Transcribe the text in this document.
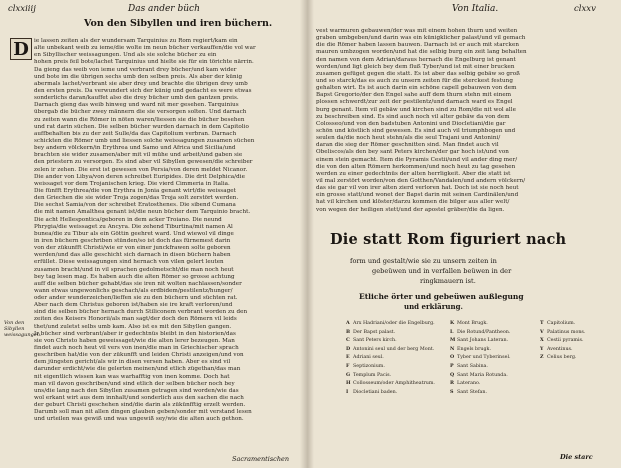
clxxiiij	Das ander büch
Von den Sibyllen und iren büchern.
D ie lassen zeiten als der wundersam Tarquinius zu Rom regiert/kam ein
alte unbekant weib zu ieme/die wolte im neun bücher verkauffen/die vol war
en Sibyllischer weissagungen. Und als sie solche bücher zu ein
hohen preis feil bote/lachet Tarquinius und hielte sie für ein törichte närrin.
Da gieng das weib von ieme und verbrant drey bücher/und kam wider
und bote im die übrigen sechs umb den selben preis. Als aber der künig
abermals lachet/verbrant sie aber drey und brachte die übrigen drey umb
den ersten preis. Da verwundert sich der künig und gedacht es were etwas
sonderlichs daran/kauffet also die drey bücher umb den gantzen preis.
Darnach gieng das weib hinweg und ward nit mer gesehen. Tarquinius
übergab die bücher zwey männern die sie versorgen solten. Und darnach
zu zeiten wann die Römer in nöten waren/liessen sie die bücher besehen
und rat darin süchen. Die selben bücher wurden darnach in dem Capitolio
auffbehalten bis zu der zeit Sulle/da das Capitolium verbran. Darnach
schickten die Römer umb und liessen solche weissagungen zusamen süchen
bey andern völckern/in Erythrea und Samo und Africa und Sicilia/und
brachten sie wider zusamen/aber mit vil mühe und arbeit/und gaben sie
den priestern zu versorgen. Es sind aber vil Sibyllen gewesen/die schreiber
zelen ir zehen. Die erst ist gewesen von Persia/von deren meldet Nicanor.
Die ander von Libya/von deren schreibet Euripides. Die drit Delphica/die
weissaget vor dem Trojanischen krieg. Die vierd Cimmeria in Italia.
Die fünfft Erythrea/die von Erythra in Jonia genant wirt/die weissaget
den Griechen die sie wider Troja zogen/das Troja solt zerstört werden.
Die sechst Samia/von der schreibet Eratosthenes. Die sibend Cumana
die mit namen Amalthea genant ist/die neun bücher dem Tarquinio bracht.
Die acht Hellespontica/geboren in dem acker Troiano. Die neund
Phrygia/die weissaget zu Ancyra. Die zehend Tiburtina/mit namen Al
bunea/die zu Tibur als ein Göttin geehret ward. Und wiewol vil dinge
in iren büchern geschriben stünden/so ist doch das fürnemest darin
von der zükunfft Christi/wie er von einer junckfrawen solte geboren
werden/und das alle geschicht sich darnach in disen büchern haben
erfüllet. Diese weissagungen sind hernach von vilen gelert leuten
zusamen bracht/und in vil sprachen gedolmetscht/die man noch heut
bey tag lesen mag. Es haben auch die alten Römer so grosse achtung
auff die selben bücher gehabt/das sie iren nit wolten nachlassen/sonder
wann etwas ungewonlichs geschach/als erdbidem/pestilentz/hunger/
oder ander wunderzeichen/lieffen sie zu den büchern und süchten rat.
Aber nach dem Christus geboren ist/haben sie ire kraft verloren/und
sind die selben bücher hernach durch Stiliconem verbrant worden zu den
zeiten des Keisers Honorii/als man sagt/der doch den Römern vil leids
thet/und zuletst selbs umb kam. Also ist es mit den Sibyllen gangen.
Ir bücher sind verbrant/aber ir gedechtnüs bleibt in den historien/das
sie von Christo haben geweissaget/wie die alten lerer bezeugen. Man
findet auch noch heut vil vers von inen/die man in Griechischer sprach
geschriben hat/die von der zükunfft und leiden Christi anzeigen/und von
dem jüngsten gericht/als wir in disen versen haben. Aber es sind vil
darunder erdicht/wie die gelerten meinen/und etlich zügethan/das man
nit eigentlich wissen kan was warhafftig von inen komme. Doch hat
man vil davon geschriben/und sind etlich der selben bücher noch bey
uns/die lang nach den Sibyllen zusamen getragen sind worden/wie das
wol erkant wirt aus dem innhalt/und sonderlich aus den sachen die nach
der geburt Christi geschehen sind/die darin als zükünfftig erzelt werden.
Darumb soll man nit allen dingen glauben geben/sonder mit verstand lesen
und urteilen was gewiß und was ungewiß sey/wie die alten auch gethon.
Von den Sibyllen weissagungen.
Sacramentischen
Von Italia.	clxxv
vest warmuren gebauwen/der was mit einem hohen thurn und weiten
graben umbgeben/und darin was ein künigklicher palast/und vil gemach
die die Römer haben lassen bauwen. Darnach ist er auch mit starcken
mauren umbzogen worden/und hat die selbig burg ein zeit lang behalten
den namen von dem Adrian/daraus hernach die Engelburg ist genant
worden/und ligt gleich bey dem fluß Tyber/und ist mit einer brucken
zusamen gefüget gegen die statt. Es ist aber das selbig gebäw so groß
und so starck/das es auch zu unsern zeiten für die sterckest festung
gehalten wirt. Es ist auch darin ein schöne capell gebauwen von dem
Bapst Gregorio/der den Engel sahe auff dem thurn stehn mit einem
plossen schwerdt/zur zeit der pestilentz/und darnach ward es Engel
burg genant. Item vil gebäw und kirchen sind zu Rom/die nit wol alle
zu beschreiben sind. Es sind auch noch vil alter gebäw da von dem
Colosseo/und von den badstuben Antonini und Diocletiani/die gar
schön und köstlich sind gewesen. Es sind auch vil triumphbogen und
seulen da/die noch heut stehn/als die seul Trajani und Antonini/
daran die sieg der Römer geschnitten sind. Man findet auch vil
Obeliscos/als den bey sant Peters kirchen/der gar hoch ist/und von
einem stein gemacht. Item die Pyramis Cestii/und vil ander ding mer/
die von den alten Römern herkommen/und noch heut zu tag gesehen
werden zu einer gedechtnüs der alten herrligkeit. Aber die statt ist
vil mal zerstört worden/von den Gotthen/Vandalen/und andern völckern/
das sie gar vil von irer alten zierd verloren hat. Doch ist sie noch heut
ein grosse statt/und wonet der Bapst darin mit seinen Cardinälen/und
hat vil kirchen und klöster/darzu kommen die bilger aus aller welt/
von wegen der heiligen stett/und der apostel gräber/die da ligen.
Die statt Rom figuriert nach
form und gestalt/wie sie zu unsern zeiten in
gebeüwen und in verfallen beüwen in der
ringkmauern ist.
Etliche örter und gebeüwen außlegung
und erklärung.
A Arx Hadriani/oder die Engelburg.
B Der Bapst palast.
C Sant Peters kirch.
D Antonini seul und der berg Mont.
E Adriani seul.
F Septizonium.
G Templum Pacis.
H Collosseum/oder Amphitheatrum.
I Diocletiani baden.
K Mont Brugk.
L Die Rotund/Pantheon.
M Sant Johans Lateran.
N Engels brugk.
O Tyber und Tyberinsel.
P Sant Sabina.
Q Sant Maria Rotunda.
R Laterano.
S Sant Stefan.
T Capitolium.
V Palatinus mons.
X Cestii pyramis.
Y Aventinus.
Z Celius berg.
Die starc
